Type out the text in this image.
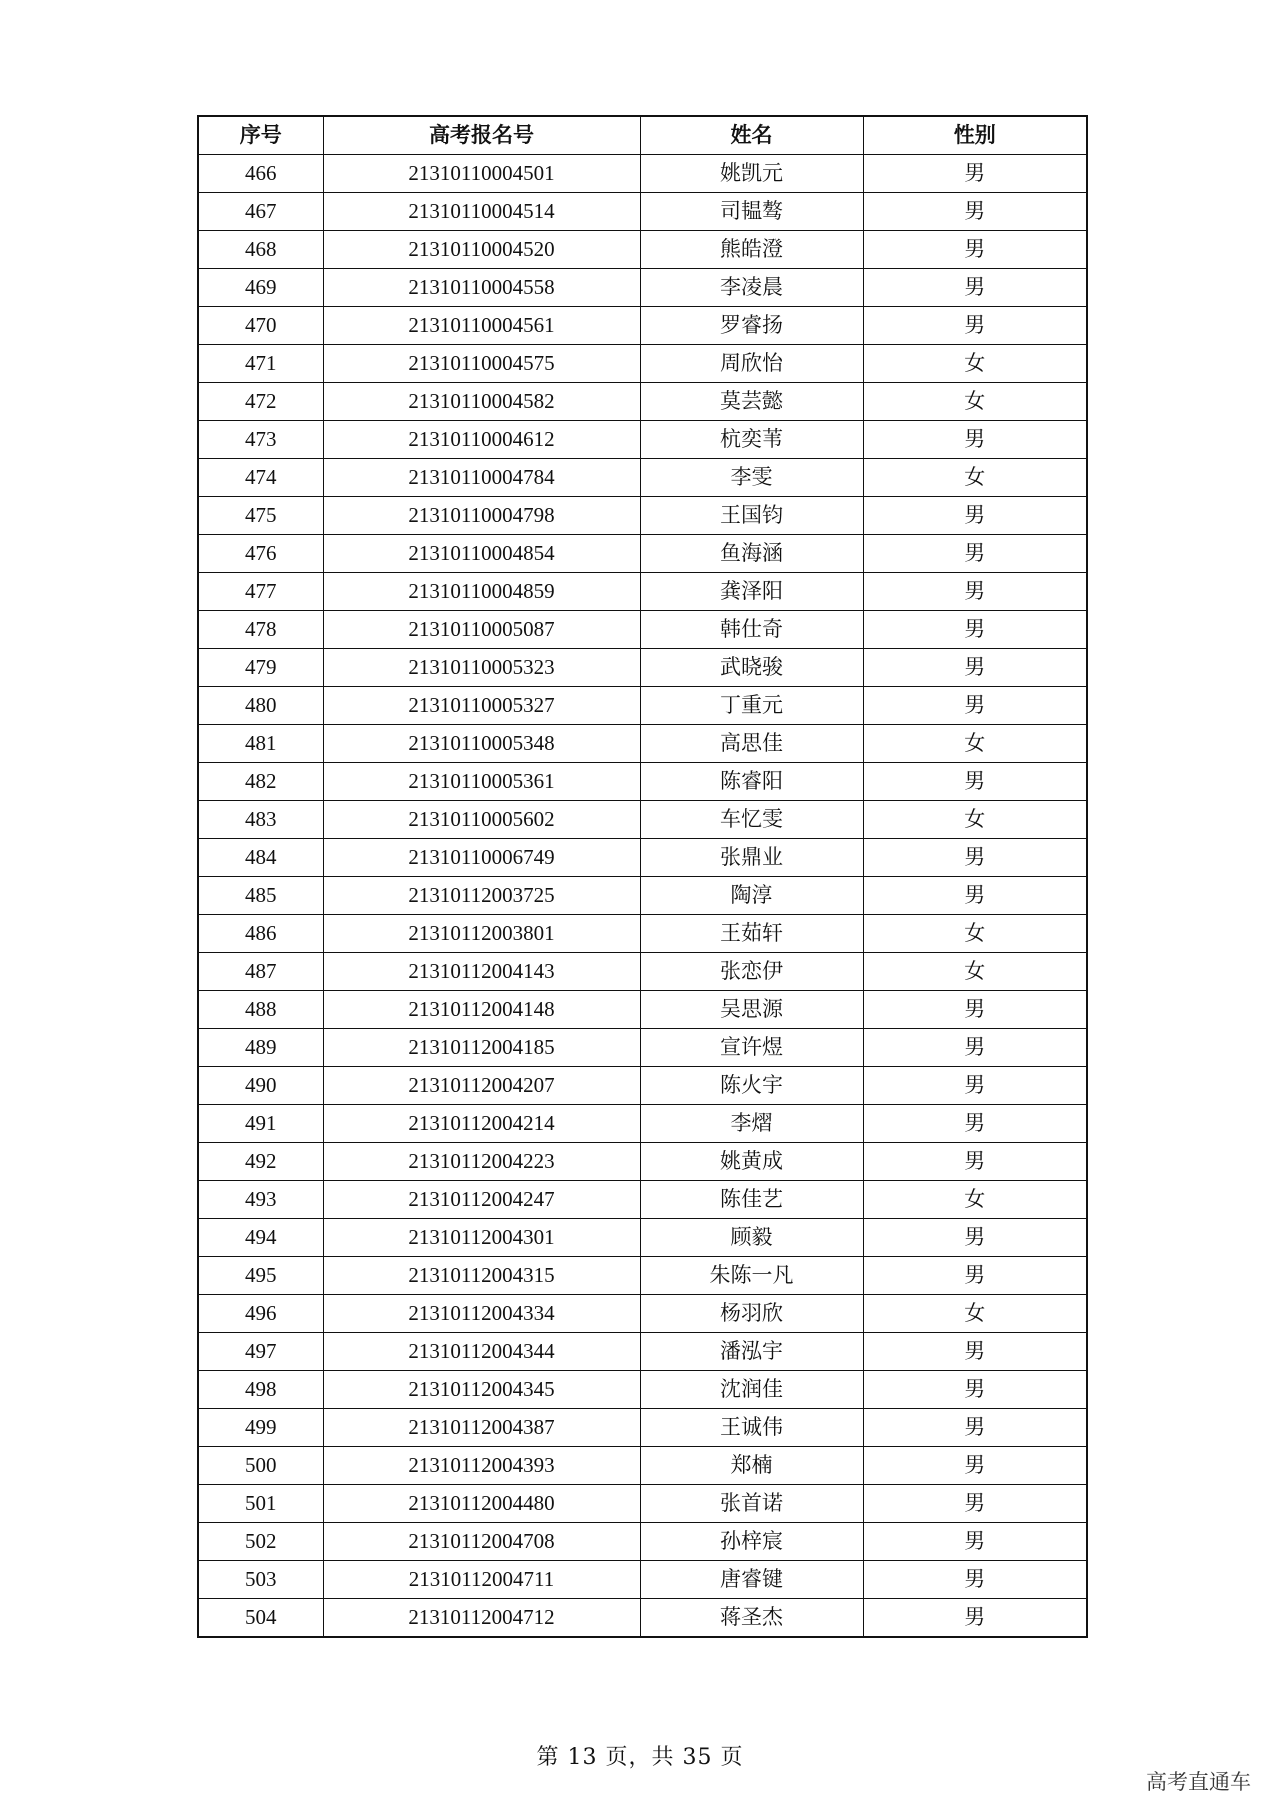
序号	高考报名号	姓名	性别
466	21310110004501	姚凯元	男
467	21310110004514	司韫骜	男
468	21310110004520	熊皓澄	男
469	21310110004558	李凌晨	男
470	21310110004561	罗睿扬	男
471	21310110004575	周欣怡	女
472	21310110004582	莫芸懿	女
473	21310110004612	杭奕苇	男
474	21310110004784	李雯	女
475	21310110004798	王国钧	男
476	21310110004854	鱼海涵	男
477	21310110004859	龚泽阳	男
478	21310110005087	韩仕奇	男
479	21310110005323	武晓骏	男
480	21310110005327	丁重元	男
481	21310110005348	高思佳	女
482	21310110005361	陈睿阳	男
483	21310110005602	车忆雯	女
484	21310110006749	张鼎业	男
485	21310112003725	陶淳	男
486	21310112003801	王茹轩	女
487	21310112004143	张恋伊	女
488	21310112004148	吴思源	男
489	21310112004185	宣许煜	男
490	21310112004207	陈火宇	男
491	21310112004214	李熠	男
492	21310112004223	姚黄成	男
493	21310112004247	陈佳艺	女
494	21310112004301	顾毅	男
495	21310112004315	朱陈一凡	男
496	21310112004334	杨羽欣	女
497	21310112004344	潘泓宇	男
498	21310112004345	沈润佳	男
499	21310112004387	王诚伟	男
500	21310112004393	郑楠	男
501	21310112004480	张首诺	男
502	21310112004708	孙梓宸	男
503	21310112004711	唐睿键	男
504	21310112004712	蒋圣杰	男
第 13 页，共 35 页
高考直通车
